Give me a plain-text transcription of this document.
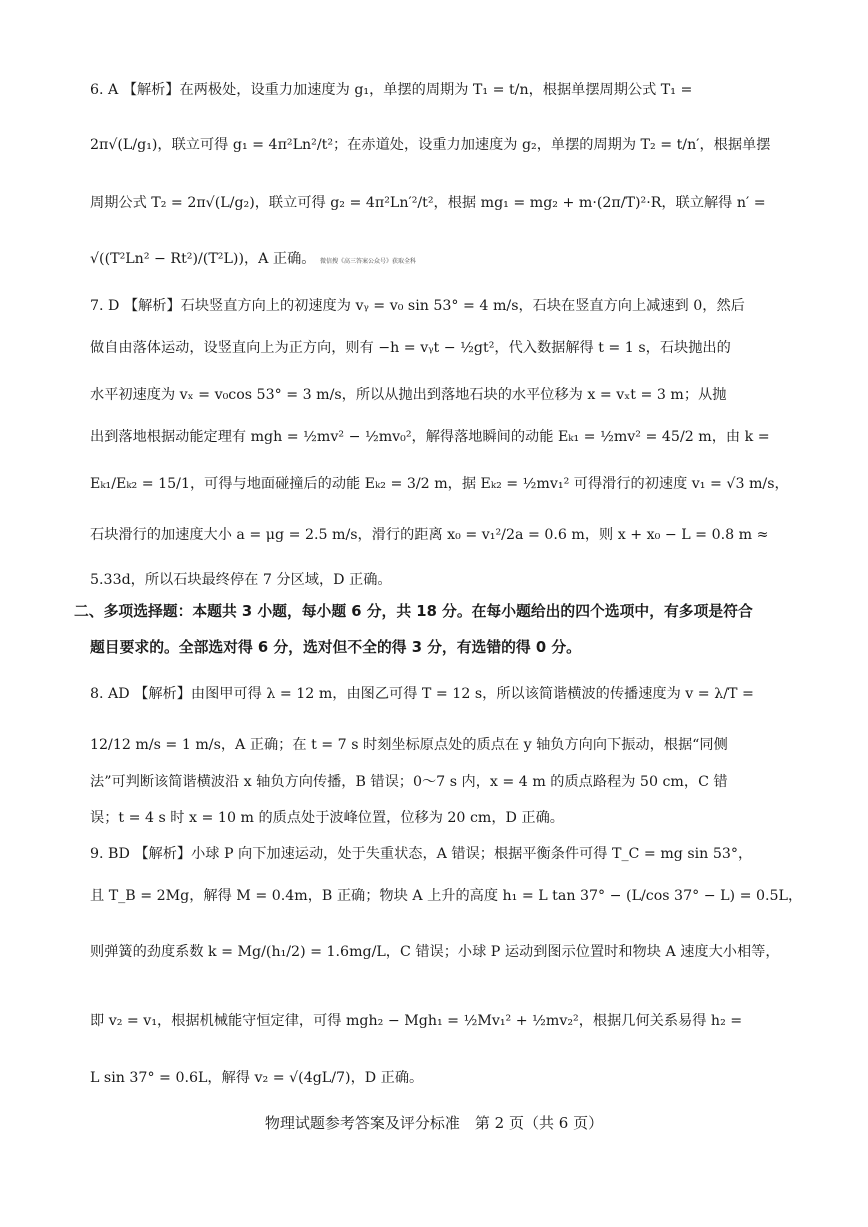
6. A 【解析】在两极处，设重力加速度为 g₁，单摆的周期为 T₁ = t/n，根据单摆周期公式 T₁ =
2π√(L/g₁)，联立可得 g₁ = 4π²Ln²/t²；在赤道处，设重力加速度为 g₂，单摆的周期为 T₂ = t/n′，根据单摆
周期公式 T₂ = 2π√(L/g₂)，联立可得 g₂ = 4π²Ln′²/t²，根据 mg₁ = mg₂ + m·(2π/T)²·R，联立解得 n′ =
√((T²Ln² − Rt²)/(T²L))，A 正确。 微信搜《高三答案公众号》获取全科
7. D 【解析】石块竖直方向上的初速度为 vᵧ = v₀ sin 53° = 4 m/s，石块在竖直方向上减速到 0，然后
做自由落体运动，设竖直向上为正方向，则有 −h = vᵧt − ½gt²，代入数据解得 t = 1 s，石块抛出的
水平初速度为 vₓ = v₀cos 53° = 3 m/s，所以从抛出到落地石块的水平位移为 x = vₓt = 3 m；从抛
出到落地根据动能定理有 mgh = ½mv² − ½mv₀²，解得落地瞬间的动能 Eₖ₁ = ½mv² = 45/2 m，由 k =
Eₖ₁/Eₖ₂ = 15/1，可得与地面碰撞后的动能 Eₖ₂ = 3/2 m，据 Eₖ₂ = ½mv₁² 可得滑行的初速度 v₁ = √3 m/s，
石块滑行的加速度大小 a = μg = 2.5 m/s，滑行的距离 x₀ = v₁²/2a = 0.6 m，则 x + x₀ − L = 0.8 m ≈
5.33d，所以石块最终停在 7 分区域，D 正确。
二、多项选择题：本题共 3 小题，每小题 6 分，共 18 分。在每小题给出的四个选项中，有多项是符合
题目要求的。全部选对得 6 分，选对但不全的得 3 分，有选错的得 0 分。
8. AD 【解析】由图甲可得 λ = 12 m，由图乙可得 T = 12 s，所以该简谐横波的传播速度为 v = λ/T =
12/12 m/s = 1 m/s，A 正确；在 t = 7 s 时刻坐标原点处的质点在 y 轴负方向向下振动，根据“同侧
法”可判断该简谐横波沿 x 轴负方向传播，B 错误；0～7 s 内，x = 4 m 的质点路程为 50 cm，C 错
误；t = 4 s 时 x = 10 m 的质点处于波峰位置，位移为 20 cm，D 正确。
9. BD 【解析】小球 P 向下加速运动，处于失重状态，A 错误；根据平衡条件可得 T_C = mg sin 53°，
且 T_B = 2Mg，解得 M = 0.4m，B 正确；物块 A 上升的高度 h₁ = L tan 37° − (L/cos 37° − L) = 0.5L，
则弹簧的劲度系数 k = Mg/(h₁/2) = 1.6mg/L，C 错误；小球 P 运动到图示位置时和物块 A 速度大小相等，
即 v₂ = v₁，根据机械能守恒定律，可得 mgh₂ − Mgh₁ = ½Mv₁² + ½mv₂²，根据几何关系易得 h₂ =
L sin 37° = 0.6L，解得 v₂ = √(4gL/7)，D 正确。
物理试题参考答案及评分标准　第 2 页（共 6 页）
